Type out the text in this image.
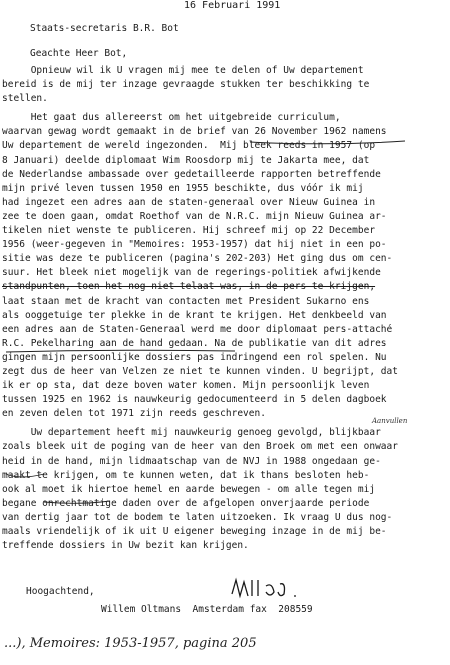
16 Februari 1991
Staats-secretaris B.R. Bot
Geachte Heer Bot,
Opnieuw wil ik U vragen mij mee te delen of Uw departement
bereid is de mij ter inzage gevraagde stukken ter beschikking te
stellen.
Het gaat dus allereerst om het uitgebreide curriculum,
waarvan gewag wordt gemaakt in de brief van 26 November 1962 namens
Uw departement de wereld ingezonden.  Mij bleek reeds in 1957 (op
8 Januari) deelde diplomaat Wim Roosdorp mij te Jakarta mee, dat
de Nederlandse ambassade over gedetailleerde rapporten betreffende
mijn privé leven tussen 1950 en 1955 beschikte, dus vóór ik mij
had ingezet een adres aan de staten-generaal over Nieuw Guinea in
zee te doen gaan, omdat Roethof van de N.R.C. mijn Nieuw Guinea ar-
tikelen niet wenste te publiceren. Hij schreef mij op 22 December
1956 (weer-gegeven in "Memoires: 1953-1957) dat hij niet in een po-
sitie was deze te publiceren (pagina's 202-203) Het ging dus om cen-
suur. Het bleek niet mogelijk van de regerings-politiek afwijkende
standpunten, toen het nog niet telaat was, in de pers te krijgen,
laat staan met de kracht van contacten met President Sukarno ens
als ooggetuige ter plekke in de krant te krijgen. Het denkbeeld van
een adres aan de Staten-Generaal werd me door diplomaat pers-attaché
R.C. Pekelharing aan de hand gedaan. Na de publikatie van dit adres
gingen mijn persoonlijke dossiers pas indringend een rol spelen. Nu
zegt dus de heer van Velzen ze niet te kunnen vinden. U begrijpt, dat
ik er op sta, dat deze boven water komen. Mijn persoonlijk leven
tussen 1925 en 1962 is nauwkeurig gedocumenteerd in 5 delen dagboek
en zeven delen tot 1971 zijn reeds geschreven.
Uw departement heeft mij nauwkeurig genoeg gevolgd, blijkbaar
zoals bleek uit de poging van de heer van den Broek om met een onwaar
heid in de hand, mijn lidmaatschap van de NVJ in 1988 ongedaan ge-
maakt te krijgen, om te kunnen weten, dat ik thans besloten heb-
ook al moet ik hiertoe hemel en aarde bewegen - om alle tegen mij
begane onrechtmatige daden over de afgelopen onverjaarde periode
van dertig jaar tot de bodem te laten uitzoeken. Ik vraag U dus nog-
maals vriendelijk of ik uit U eigener beweging inzage in de mij be-
treffende dossiers in Uw bezit kan krijgen.
Aanvullen
Hoogachtend,
Willem Oltmans  Amsterdam fax  208559
...), Memoires: 1953-1957, pagina 205
